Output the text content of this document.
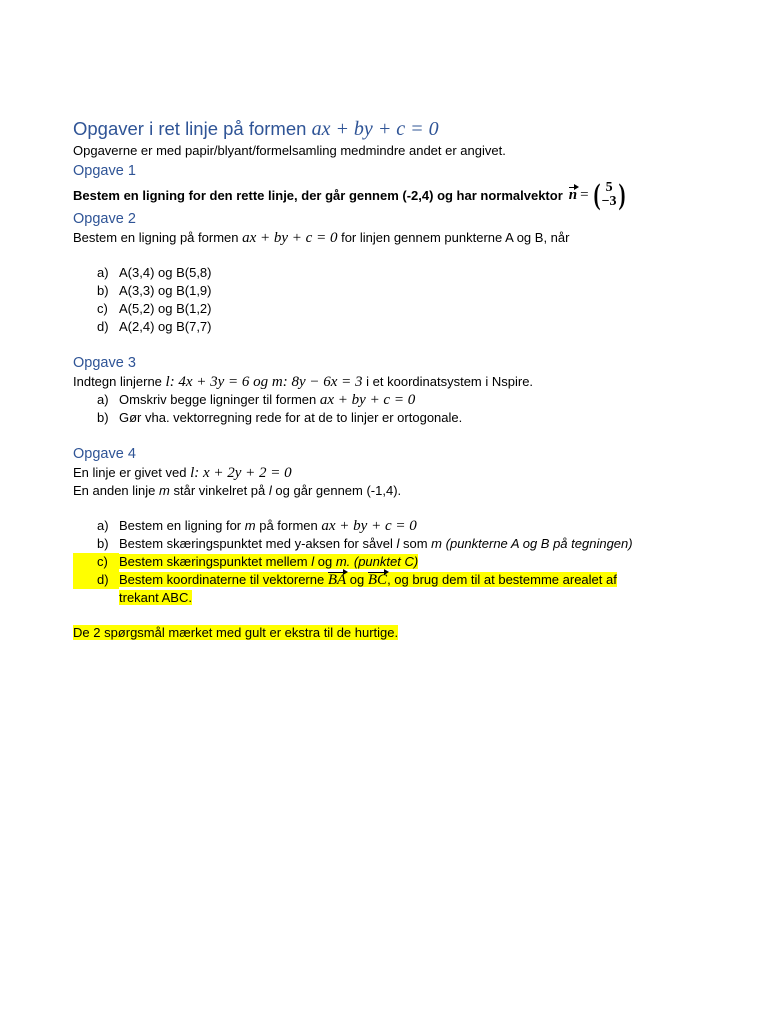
Opgaver i ret linje på formen ax + by + c = 0

Opgaverne er med papir/blyant/formelsamling medmindre andet er angivet.

Opgave 1

Bestem en ligning for den rette linje, der går gennem (-2,4) og har normalvektor n = ( 5
−3 )

Opgave 2

Bestem en ligning på formen ax + by + c = 0 for linjen gennem punkterne A og B, når

a) A(3,4) og B(5,8)
b) A(3,3) og B(1,9)
c) A(5,2) og B(1,2)
d) A(2,4) og B(7,7)

Opgave 3

Indtegn linjerne l: 4x + 3y = 6 og m: 8y − 6x = 3 i et koordinatsystem i Nspire.

a) Omskriv begge ligninger til formen ax + by + c = 0
b) Gør vha. vektorregning rede for at de to linjer er ortogonale.

Opgave 4

En linje er givet ved l: x + 2y + 2 = 0

En anden linje m står vinkelret på l og går gennem (-1,4).

a) Bestem en ligning for m på formen ax + by + c = 0
b) Bestem skæringspunktet med y-aksen for såvel l som m (punkterne A og B på tegningen)
c) Bestem skæringspunktet mellem l og m. (punktet C)
d) Bestem koordinaterne til vektorerne BA og BC, og brug dem til at bestemme arealet af
trekant ABC.

De 2 spørgsmål mærket med gult er ekstra til de hurtige.
